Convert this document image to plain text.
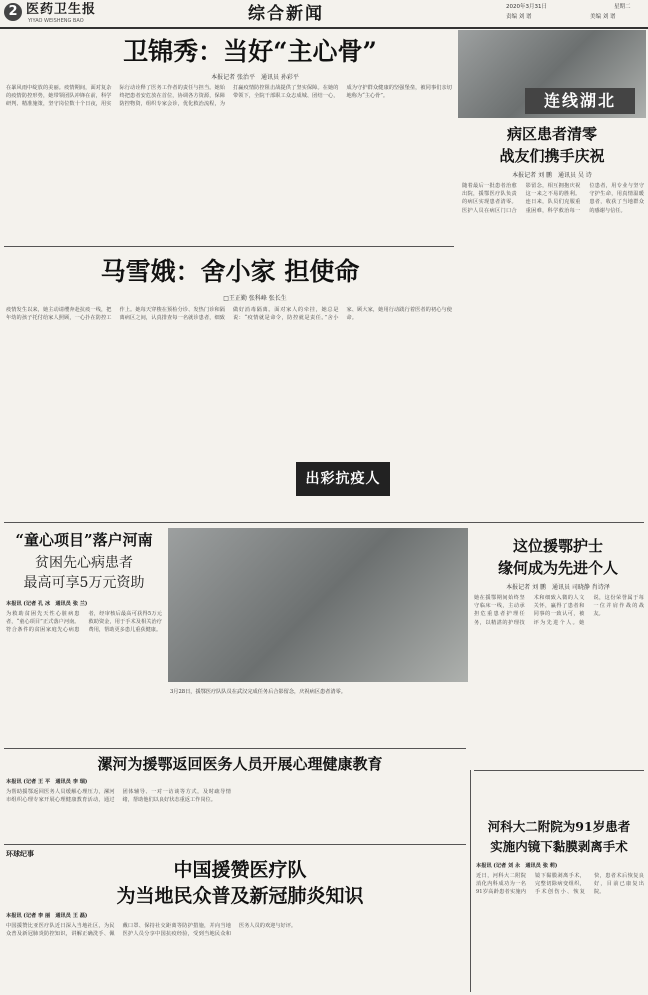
2 医药卫生报
YIYAO WEISHENG BAO	综合新闻	2020年3月31日	星期二
责编 刘 谱	美编 刘 谱
卫锦秀：当好“主心骨”
本报记者 张治平　通讯员 孙彩平
在暴风雨中绽放的美丽。疫情期间，面对复杂的疫情防控形势，她带领团队冲锋在前，科学研判、精准施策，坚守岗位数十个日夜，用实际行动诠释了医务工作者的责任与担当。她始终把患者安危放在首位，协调各方资源，保障防控物资，组织专家会诊，优化救治流程，为打赢疫情防控阻击战提供了坚实保障。在她的带领下，全院干部职工众志成城、团结一心，成为守护群众健康的坚强堡垒，被同事们亲切地称为“主心骨”。	连线湖北
病区患者清零
战友们携手庆祝
本报记者 刘 鹏　通讯员 吴 诗
随着最后一批患者治愈出院，援鄂医疗队负责的病区实现患者清零。医护人员在病区门口合影留念，相互拥抱庆祝这一来之不易的胜利。连日来，队员们克服重重困难，科学救治每一位患者，用专业与坚守守护生命，用真情温暖患者，收获了当地群众的感谢与信任。
马雪娥：舍小家 担使命
□王正勤 张科峰 张长生
疫情发生以来，她主动请缨奔赴抗疫一线，把年幼的孩子托付给家人照顾，一心扑在防控工作上。她每天穿梭在预检分诊、发热门诊和隔离病区之间，认真排查每一名就诊患者，细致做好消毒隔离。面对家人的牵挂，她总是说：“疫情就是命令，防控就是责任。”舍小家、顾大家，她用行动践行着医者的初心与使命。
出彩抗疫人
“童心项目”落户河南
贫困先心病患者
最高可享5万元资助
本报讯 (记者 孔 冰　通讯员 张 兰)
为救助贫困先天性心脏病患者，“童心项目”正式落户河南。符合条件的贫困家庭先心病患者，经审核后最高可获得5万元救助资金，用于手术及相关治疗费用，帮助更多患儿重获健康。
3月28日，援鄂医疗队队员在武汉完成任务后合影留念，庆祝病区患者清零。
这位援鄂护士
缘何成为先进个人
本报记者 刘 鹏　通讯员 司晓静 肖诗泽
她在援鄂期间始终坚守临床一线，主动承担危重患者护理任务，以精湛的护理技术和细致入微的人文关怀，赢得了患者和同事的一致认可，被评为先进个人。她说，这份荣誉属于每一位并肩作战的战友。
漯河为援鄂返回医务人员开展心理健康教育
本报讯 (记者 王 平　通讯员 李 瑞)
为帮助援鄂返回医务人员缓解心理压力，漯河市组织心理专家开展心理健康教育活动，通过团体辅导、一对一访谈等方式，及时疏导情绪，帮助他们以良好状态重返工作岗位。
环球纪事
中国援赞医疗队
为当地民众普及新冠肺炎知识
本报讯 (记者 李 丽　通讯员 王 磊)
中国援赞比亚医疗队近日深入当地社区，为民众普及新冠肺炎防控知识，讲解正确洗手、佩戴口罩、保持社交距离等防护措施，并向当地医护人员分享中国抗疫经验，受到当地民众和医务人员的欢迎与好评。
河科大二附院为91岁患者
实施内镜下黏膜剥离手术
本报讯 (记者 刘 永　通讯员 张 莉)
近日，河科大二附院消化内科成功为一名91岁高龄患者实施内镜下黏膜剥离手术，完整切除病变组织，手术创伤小、恢复快，患者术后恢复良好，目前已康复出院。
